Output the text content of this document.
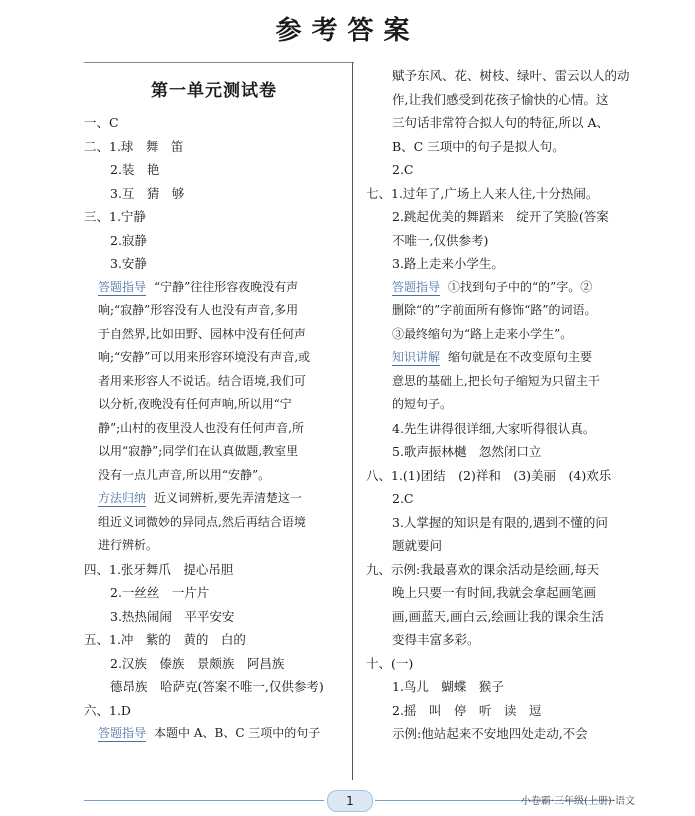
参考答案
第一单元测试卷
一、C
二、1.球　舞　笛
2.装　艳
3.互　猜　够
三、1.宁静
2.寂静
3.安静
答题指导 “宁静”往往形容夜晚没有声
响;“寂静”形容没有人也没有声音,多用
于自然界,比如田野、园林中没有任何声
响;“安静”可以用来形容环境没有声音,或
者用来形容人不说话。结合语境,我们可
以分析,夜晚没有任何声响,所以用“宁
静”;山村的夜里没人也没有任何声音,所
以用“寂静”;同学们在认真做题,教室里
没有一点儿声音,所以用“安静”。
方法归纳 近义词辨析,要先弄清楚这一
组近义词微妙的异同点,然后再结合语境
进行辨析。
四、1.张牙舞爪　提心吊胆
2.一丝丝　一片片
3.热热闹闹　平平安安
五、1.冲　紫的　黄的　白的
2.汉族　傣族　景颇族　阿昌族
德昂族　哈萨克(答案不唯一,仅供参考)
六、1.D
答题指导 本题中 A、B、C 三项中的句子
赋予东风、花、树枝、绿叶、雷云以人的动
作,让我们感受到花孩子愉快的心情。这
三句话非常符合拟人句的特征,所以 A、
B、C 三项中的句子是拟人句。
2.C
七、1.过年了,广场上人来人往,十分热闹。
2.跳起优美的舞蹈来　绽开了笑脸(答案
不唯一,仅供参考)
3.路上走来小学生。
答题指导 ①找到句子中的“的”字。②
删除“的”字前面所有修饰“路”的词语。
③最终缩句为“路上走来小学生”。
知识讲解 缩句就是在不改变原句主要
意思的基础上,把长句子缩短为只留主干
的短句子。
4.先生讲得很详细,大家听得很认真。
5.歌声振林樾　忽然闭口立
八、1.(1)团结　(2)祥和　(3)美丽　(4)欢乐
2.C
3.人掌握的知识是有限的,遇到不懂的问
题就要问
九、示例:我最喜欢的课余活动是绘画,每天
晚上只要一有时间,我就会拿起画笔画
画,画蓝天,画白云,绘画让我的课余生活
变得丰富多彩。
十、(一)
1.鸟儿　蝴蝶　猴子
2.摇　叫　停　听　读　逗
示例:他站起来不安地四处走动,不会
1	小卷霸·三年级(上册)·语文
